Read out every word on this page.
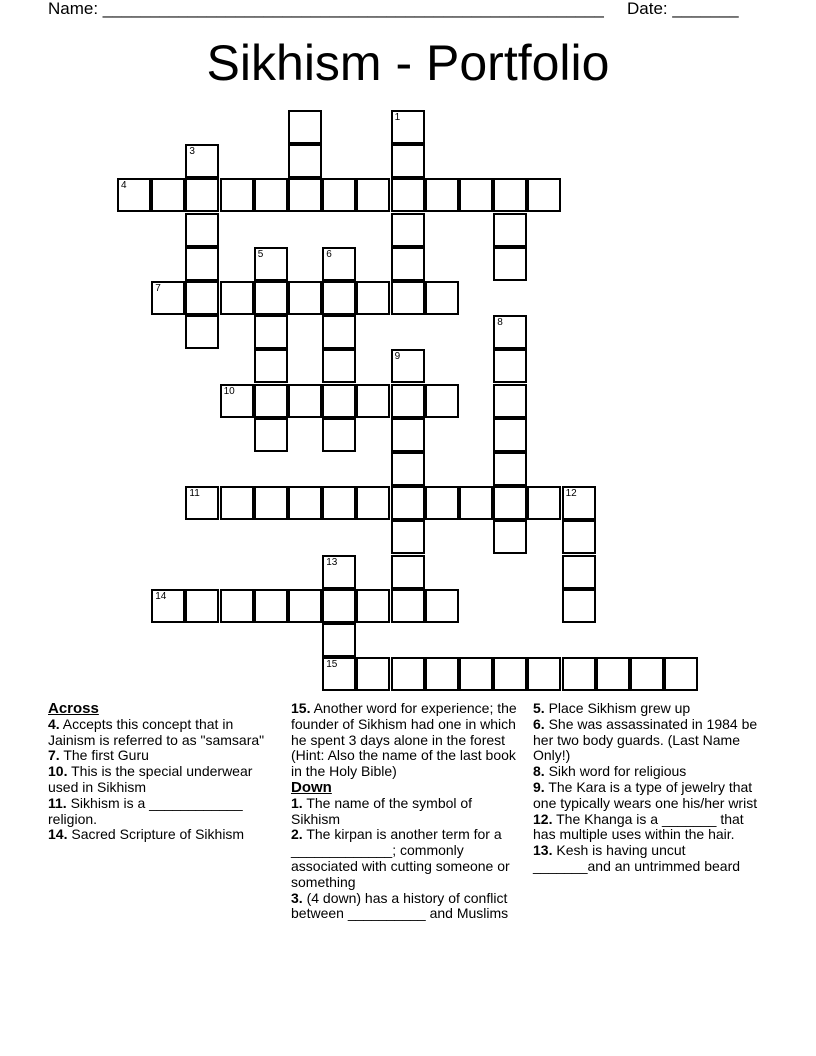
Name: _____________________________________________________ Date: _______
Sikhism - Portfolio
1
3
4
5	6
7
8
9
10
11	12
13
14
15
Across
4. Accepts this concept that in Jainism is referred to as "samsara"
7. The first Guru
10. This is the special underwear used in Sikhism
11. Sikhism is a ____________ religion.
14. Sacred Scripture of Sikhism
15. Another word for experience; the founder of Sikhism had one in which he spent 3 days alone in the forest (Hint: Also the name of the last book in the Holy Bible)
Down
1. The name of the symbol of Sikhism
2. The kirpan is another term for a _____________; commonly associated with cutting someone or something
3. (4 down) has a history of conflict between __________ and Muslims
5. Place Sikhism grew up
6. She was assassinated in 1984 be her two body guards. (Last Name Only!)
8. Sikh word for religious
9. The Kara is a type of jewelry that one typically wears one his/her wrist
12. The Khanga is a _______ that has multiple uses within the hair.
13. Kesh is having uncut _______and an untrimmed beard
